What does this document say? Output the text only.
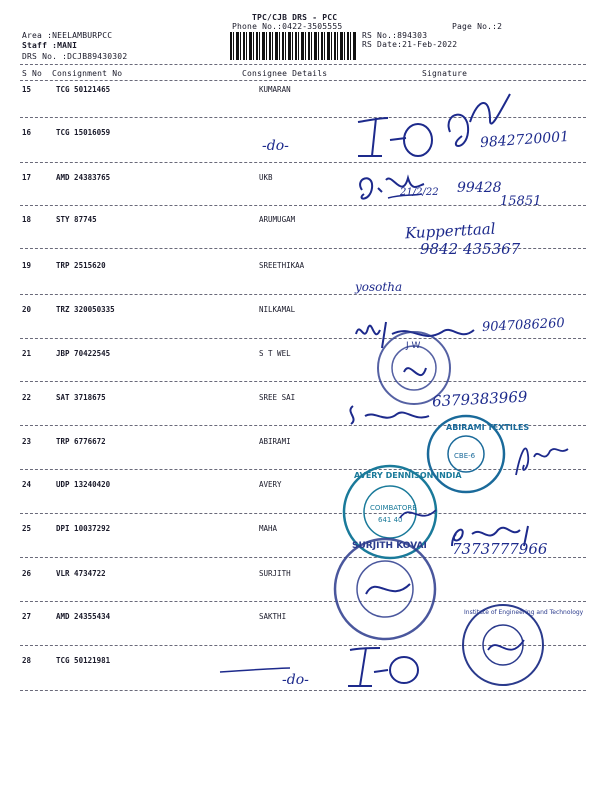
TPC/CJB DRS - PCC
Phone No.:0422-3505555	Page No.:2
Area :NEELAMBURPCC
Staff :MANI
DRS No. :DCJB89430302
RS No.:894303
RS Date:21-Feb-2022
S No Consignment No	Consignee Details	Signature
15	TCG 50121465	KUMARAN
16	TCG 15016059
17	AMD 24383765	UKB
18	STY 87745	ARUMUGAM
19	TRP 2515620	SREETHIKAA
20	TRZ 320050335	NILKAMAL
21	JBP 70422545	S T WEL
22	SAT 3718675	SREE SAI
23	TRP 6776672	ABIRAMI
24	UDP 13240420	AVERY
25	DPI 10037292	MAHA
26	VLR 4734722	SURJITH
27	AMD 24355434	SAKTHI
28	TCG 50121981
-do-	9842720001
21/2/22 99428
15851
Kupperttaal
9842 435367
yosotha
9047086260
J W
6379383969
ABIRAMI TEXTILES
CBE-6
AVERY DENNISON INDIA
COIMBATORE
641 40
7373777966
SURJITH KOVAI
Institute of Engineering and Technology
-do-
